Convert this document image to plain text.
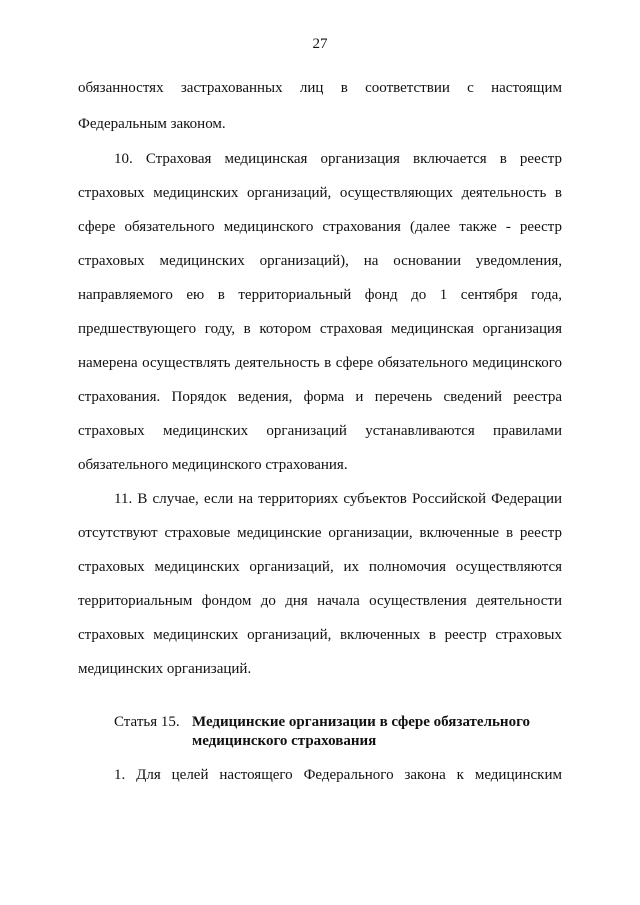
27
обязанностях застрахованных лиц в соответствии с настоящим
Федеральным законом.
10. Страховая медицинская организация включается в реестр
страховых медицинских организаций, осуществляющих деятельность в
сфере обязательного медицинского страхования (далее также - реестр
страховых медицинских организаций), на основании уведомления,
направляемого ею в территориальный фонд до 1 сентября года,
предшествующего году, в котором страховая медицинская организация
намерена осуществлять деятельность в сфере обязательного медицинского
страхования. Порядок ведения, форма и перечень сведений реестра
страховых медицинских организаций устанавливаются правилами
обязательного медицинского страхования.
11. В случае, если на территориях субъектов Российской Федерации
отсутствуют страховые медицинские организации, включенные в реестр
страховых медицинских организаций, их полномочия осуществляются
территориальным фондом до дня начала осуществления деятельности
страховых медицинских организаций, включенных в реестр страховых
медицинских организаций.
Статья 15. Медицинские организации в сфере обязательного
медицинского страхования
1. Для целей настоящего Федерального закона к медицинским
